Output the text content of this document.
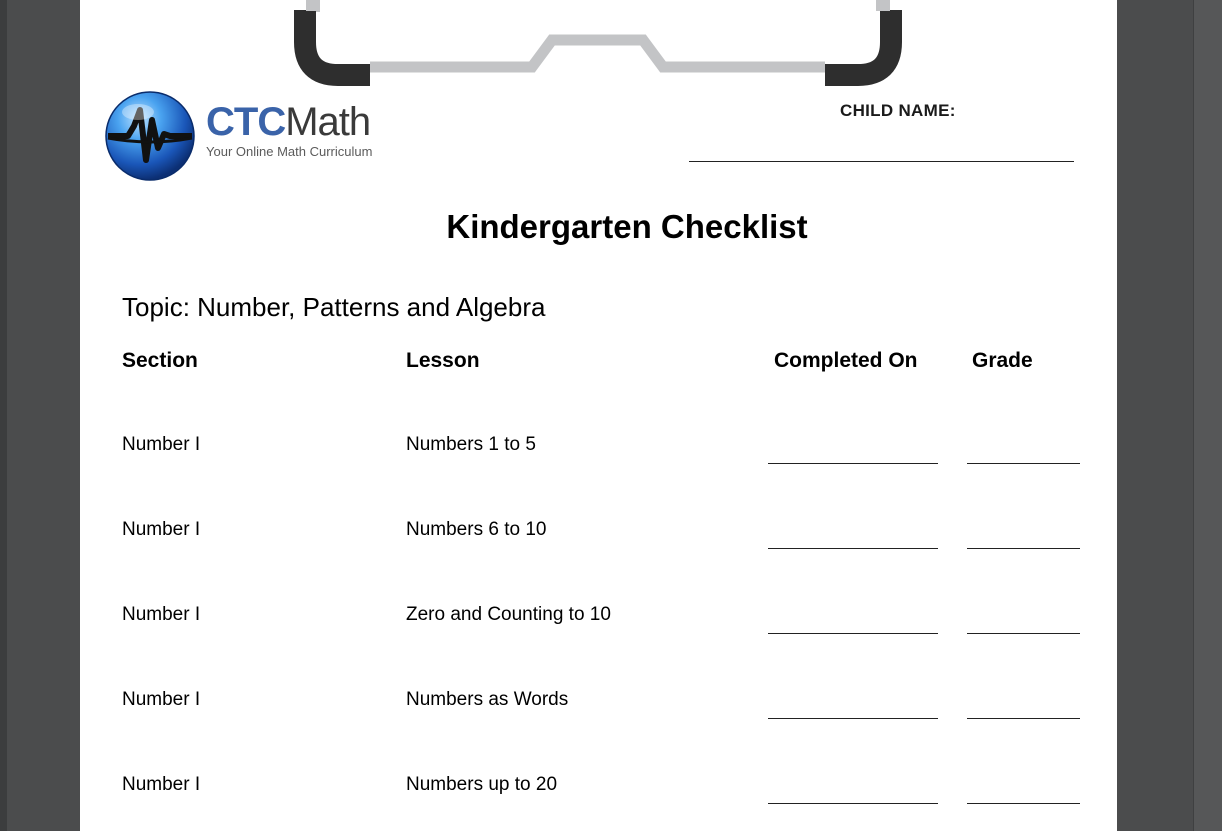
CTCMath
Your Online Math Curriculum
CHILD NAME:
Kindergarten Checklist
Topic: Number, Patterns and Algebra
Section	Lesson	Completed On	Grade
Number I	Numbers 1 to 5
Number I	Numbers 6 to 10
Number I	Zero and Counting to 10
Number I	Numbers as Words
Number I	Numbers up to 20
